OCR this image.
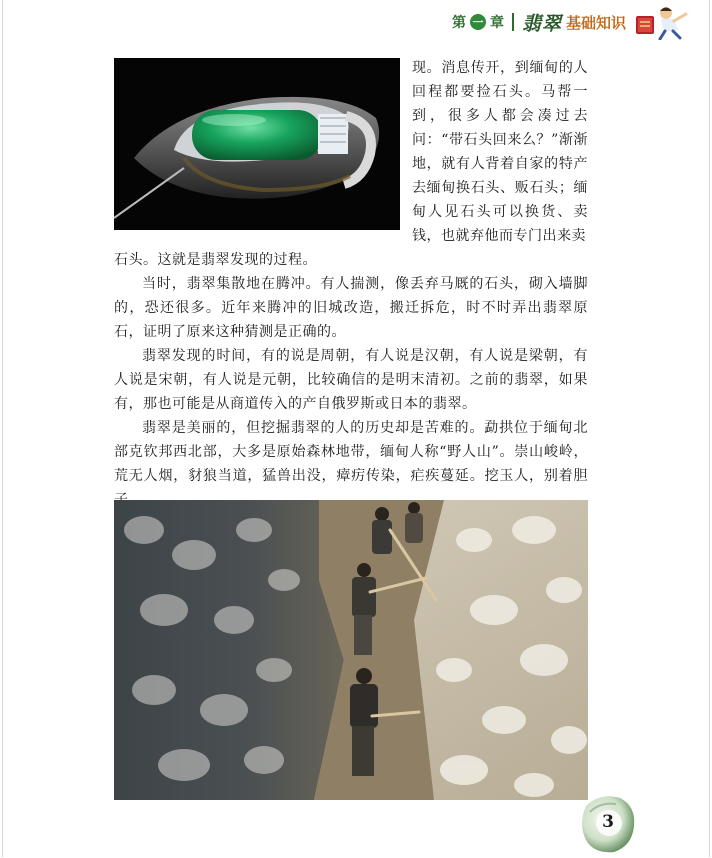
第 一 章 翡翠 基础知识

现。消息传开，到缅甸的人回程都要捡石头。马帮一到，很多人都会凑过去问：“带石头回来么？”渐渐地，就有人背着自家的特产去缅甸换石头、贩石头；缅甸人见石头可以换货、卖钱，也就弃他而专门出来卖

石头。这就是翡翠发现的过程。

当时，翡翠集散地在腾冲。有人揣测，像丢弃马厩的石头，砌入墙脚的，恐还很多。近年来腾冲的旧城改造，搬迁拆危，时不时弄出翡翠原石，证明了原来这种猜测是正确的。

翡翠发现的时间，有的说是周朝，有人说是汉朝，有人说是梁朝，有人说是宋朝，有人说是元朝，比较确信的是明末清初。之前的翡翠，如果有，那也可能是从商道传入的产自俄罗斯或日本的翡翠。

翡翠是美丽的，但挖掘翡翠的人的历史却是苦难的。勐拱位于缅甸北部克钦邦西北部，大多是原始森林地带，缅甸人称“野人山”。崇山峻岭，荒无人烟，豺狼当道，猛兽出没，瘴疠传染，疟疾蔓延。挖玉人，别着胆

3
